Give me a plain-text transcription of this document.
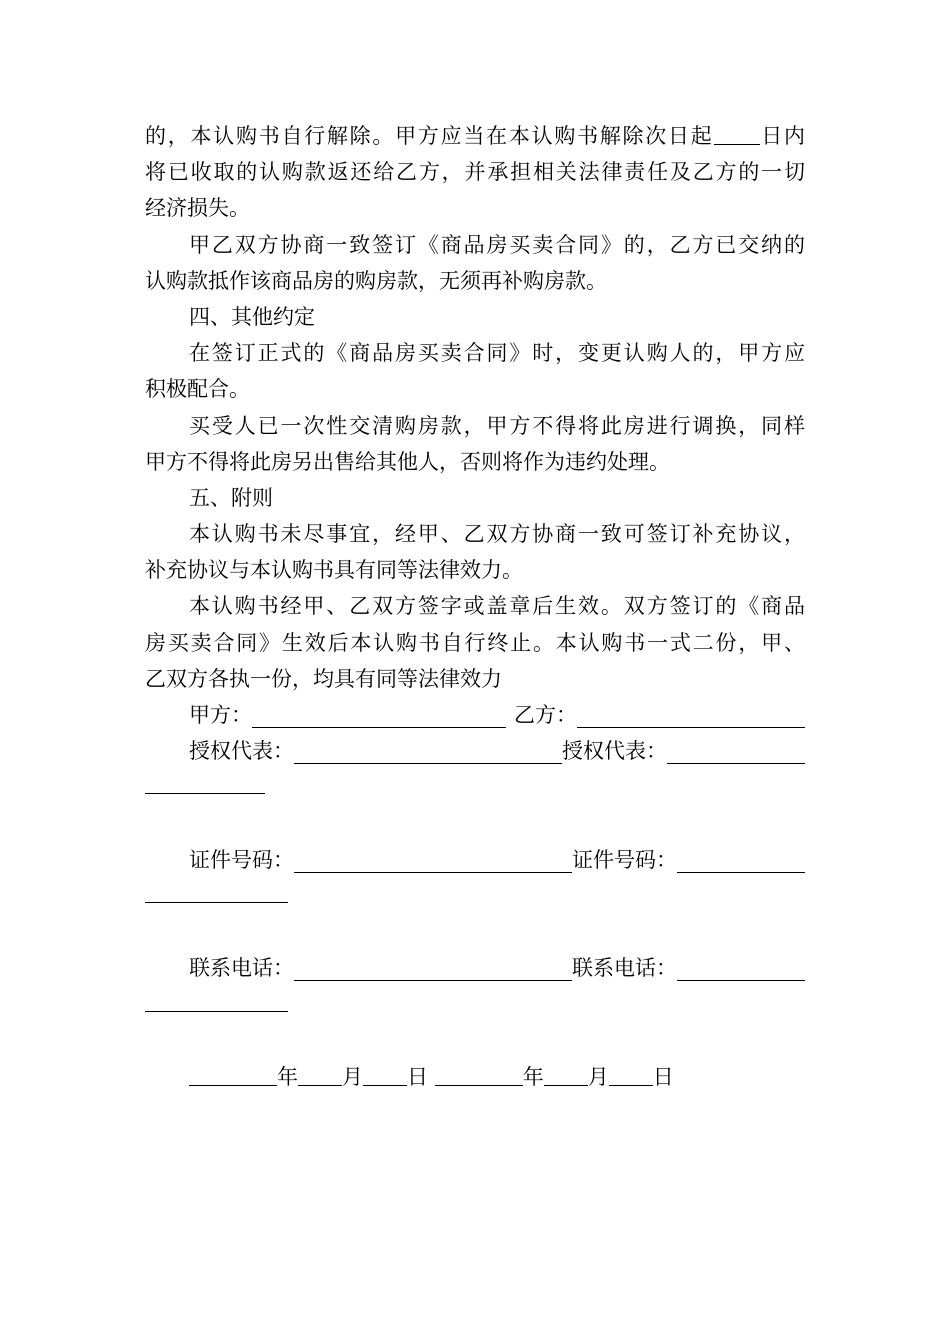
的，本认购书自行解除。甲方应当在本认购书解除次日起 日内
将已收取的认购款返还给乙方，并承担相关法律责任及乙方的一切
经济损失。
甲乙双方协商一致签订《商品房买卖合同》的，乙方已交纳的
认购款抵作该商品房的购房款，无须再补购房款。
四、其他约定
在签订正式的《商品房买卖合同》时，变更认购人的，甲方应
积极配合。
买受人已一次性交清购房款，甲方不得将此房进行调换，同样
甲方不得将此房另出售给其他人，否则将作为违约处理。
五、附则
本认购书未尽事宜，经甲、乙双方协商一致可签订补充协议，
补充协议与本认购书具有同等法律效力。
本认购书经甲、乙双方签字或盖章后生效。双方签订的《商品
房买卖合同》生效后本认购书自行终止。本认购书一式二份，甲、
乙双方各执一份，均具有同等法律效力
甲方：	乙方：
授权代表：	授权代表：
证件号码：	证件号码：
联系电话：	联系电话：
年 月 日	年 月 日
